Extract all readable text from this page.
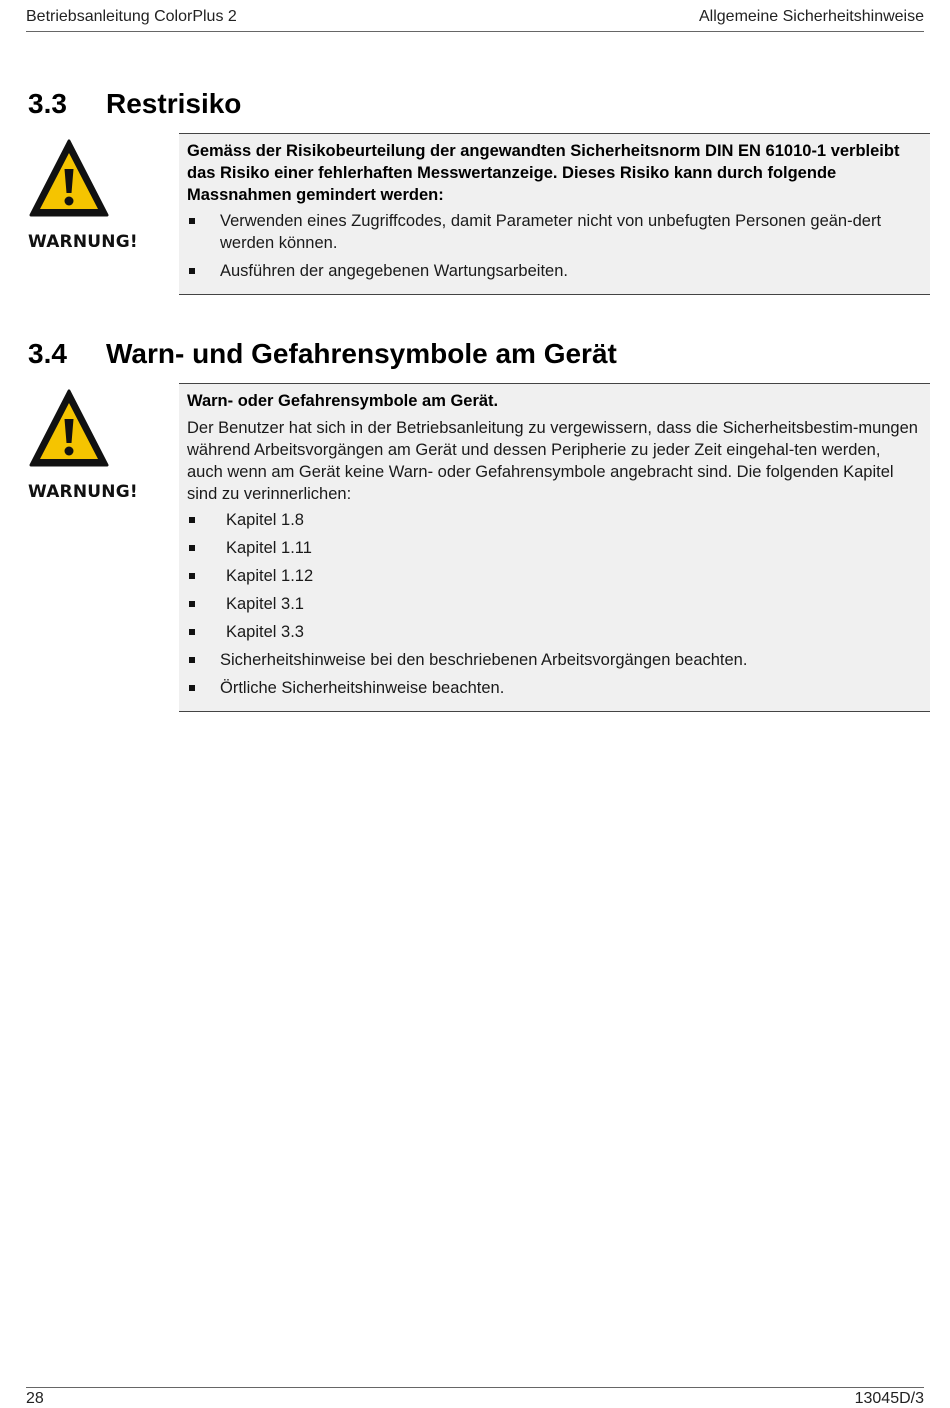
Betriebsanleitung ColorPlus 2	Allgemeine Sicherheitshinweise
3.3	Restrisiko
WARNUNG!
Gemäss der Risikobeurteilung der angewandten Sicherheitsnorm DIN EN 61010-1 verbleibt das Risiko einer fehlerhaften Messwertanzeige. Dieses Risiko kann durch folgende Massnahmen gemindert werden:
Verwenden eines Zugriffcodes, damit Parameter nicht von unbefugten Personen geän-dert werden können.
Ausführen der angegebenen Wartungsarbeiten.
3.4	Warn- und Gefahrensymbole am Gerät
WARNUNG!
Warn- oder Gefahrensymbole am Gerät.
Der Benutzer hat sich in der Betriebsanleitung zu vergewissern, dass die Sicherheitsbestim-mungen während Arbeitsvorgängen am Gerät und dessen Peripherie zu jeder Zeit eingehal-ten werden, auch wenn am Gerät keine Warn- oder Gefahrensymbole angebracht sind. Die folgenden Kapitel sind zu verinnerlichen:
Kapitel 1.8
Kapitel 1.11
Kapitel 1.12
Kapitel 3.1
Kapitel 3.3
Sicherheitshinweise bei den beschriebenen Arbeitsvorgängen beachten.
Örtliche Sicherheitshinweise beachten.
28	13045D/3
